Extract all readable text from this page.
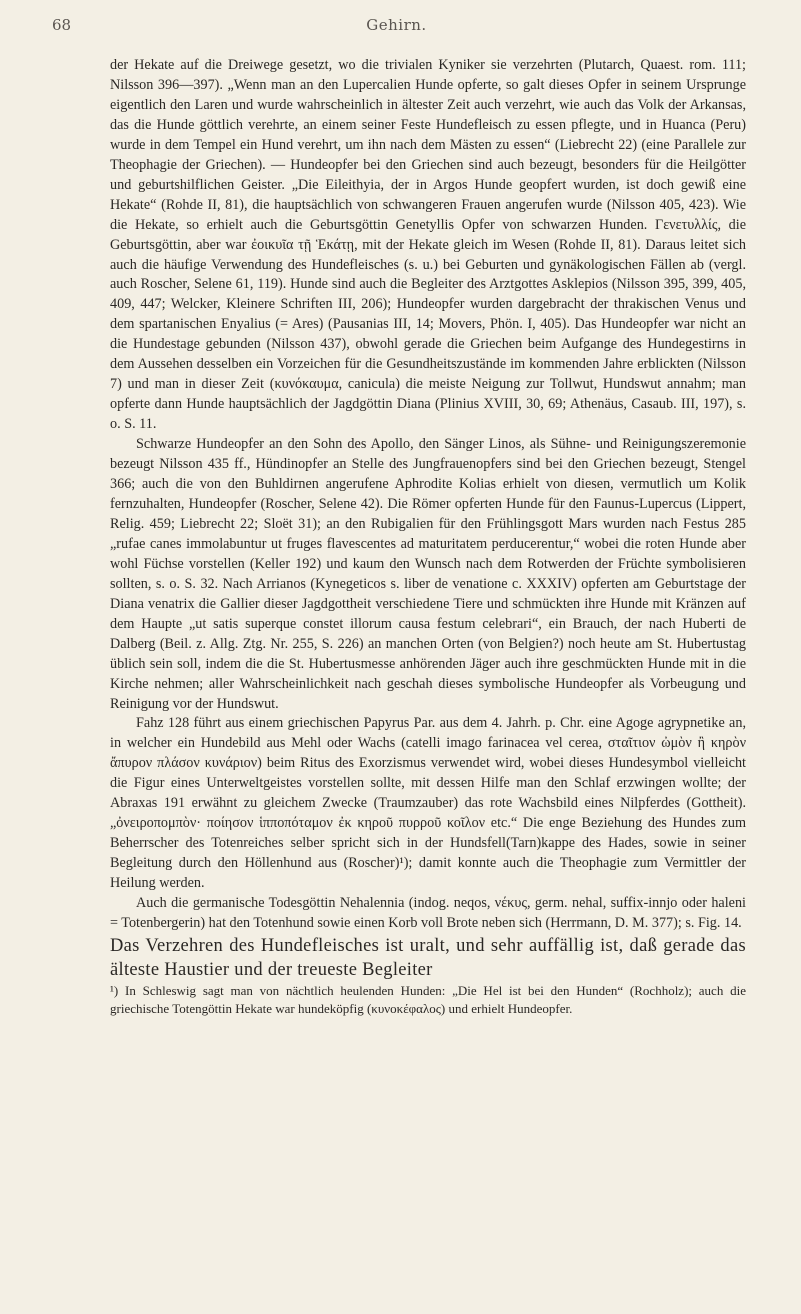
68	Gehirn.

der Hekate auf die Dreiwege gesetzt, wo die trivialen Kyniker sie verzehrten (Plutarch, Quaest. rom. 111; Nilsson 396—397). „Wenn man an den Lupercalien Hunde opferte, so galt dieses Opfer in seinem Ursprunge eigentlich den Laren und wurde wahrscheinlich in ältester Zeit auch verzehrt, wie auch das Volk der Arkansas, das die Hunde göttlich verehrte, an einem seiner Feste Hundefleisch zu essen pflegte, und in Huanca (Peru) wurde in dem Tempel ein Hund verehrt, um ihn nach dem Mästen zu essen“ (Liebrecht 22) (eine Parallele zur Theophagie der Griechen). — Hundeopfer bei den Griechen sind auch bezeugt, besonders für die Heilgötter und geburtshilflichen Geister. „Die Eileithyia, der in Argos Hunde geopfert wurden, ist doch gewiß eine Hekate“ (Rohde II, 81), die hauptsächlich von schwangeren Frauen angerufen wurde (Nilsson 405, 423). Wie die Hekate, so erhielt auch die Geburtsgöttin Genetyllis Opfer von schwarzen Hunden. Γενετυλλίς, die Geburtsgöttin, aber war ἐοικυῖα τῇ Ἑκάτῃ, mit der Hekate gleich im Wesen (Rohde II, 81). Daraus leitet sich auch die häufige Verwendung des Hundefleisches (s. u.) bei Geburten und gynäkologischen Fällen ab (vergl. auch Roscher, Selene 61, 119). Hunde sind auch die Begleiter des Arztgottes Asklepios (Nilsson 395, 399, 405, 409, 447; Welcker, Kleinere Schriften III, 206); Hundeopfer wurden dargebracht der thrakischen Venus und dem spartanischen Enyalius (= Ares) (Pausanias III, 14; Movers, Phön. I, 405). Das Hundeopfer war nicht an die Hundestage gebunden (Nilsson 437), obwohl gerade die Griechen beim Aufgange des Hundegestirns in dem Aussehen desselben ein Vorzeichen für die Gesundheitszustände im kommenden Jahre erblickten (Nilsson 7) und man in dieser Zeit (κυνόκαυμα, canicula) die meiste Neigung zur Tollwut, Hundswut annahm; man opferte dann Hunde hauptsächlich der Jagdgöttin Diana (Plinius XVIII, 30, 69; Athenäus, Casaub. III, 197), s. o. S. 11.

Schwarze Hundeopfer an den Sohn des Apollo, den Sänger Linos, als Sühne- und Reinigungszeremonie bezeugt Nilsson 435 ff., Hündinopfer an Stelle des Jungfrauenopfers sind bei den Griechen bezeugt, Stengel 366; auch die von den Buhldirnen angerufene Aphrodite Kolias erhielt von diesen, vermutlich um Kolik fernzuhalten, Hundeopfer (Roscher, Selene 42). Die Römer opferten Hunde für den Faunus-Lupercus (Lippert, Relig. 459; Liebrecht 22; Sloët 31); an den Rubigalien für den Frühlingsgott Mars wurden nach Festus 285 „rufae canes immolabuntur ut fruges flavescentes ad maturitatem perducerentur,“ wobei die roten Hunde aber wohl Füchse vorstellen (Keller 192) und kaum den Wunsch nach dem Rotwerden der Früchte symbolisieren sollten, s. o. S. 32. Nach Arrianos (Kynegeticos s. liber de venatione c. XXXIV) opferten am Geburtstage der Diana venatrix die Gallier dieser Jagdgottheit verschiedene Tiere und schmückten ihre Hunde mit Kränzen auf dem Haupte „ut satis superque constet illorum causa festum celebrari“, ein Brauch, der nach Huberti de Dalberg (Beil. z. Allg. Ztg. Nr. 255, S. 226) an manchen Orten (von Belgien?) noch heute am St. Hubertustag üblich sein soll, indem die die St. Hubertusmesse anhörenden Jäger auch ihre geschmückten Hunde mit in die Kirche nehmen; aller Wahrscheinlichkeit nach geschah dieses symbolische Hundeopfer als Vorbeugung und Reinigung vor der Hundswut.

Fahz 128 führt aus einem griechischen Papyrus Par. aus dem 4. Jahrh. p. Chr. eine Agoge agrypnetike an, in welcher ein Hundebild aus Mehl oder Wachs (catelli imago farinacea vel cerea, σταῖτιον ὠμὸν ἢ κηρὸν ἄπυρον πλάσον κυνάριον) beim Ritus des Exorzismus verwendet wird, wobei dieses Hundesymbol vielleicht die Figur eines Unterweltgeistes vorstellen sollte, mit dessen Hilfe man den Schlaf erzwingen wollte; der Abraxas 191 erwähnt zu gleichem Zwecke (Traumzauber) das rote Wachsbild eines Nilpferdes (Gottheit). „ὀνειροπομπὸν· ποίησον ἱπποπόταμον ἐκ κηροῦ πυρροῦ κοῖλον etc.“ Die enge Beziehung des Hundes zum Beherrscher des Totenreiches selber spricht sich in der Hundsfell(Tarn)kappe des Hades, sowie in seiner Begleitung durch den Höllenhund aus (Roscher)¹); damit konnte auch die Theophagie zum Vermittler der Heilung werden.

Auch die germanische Todesgöttin Nehalennia (indog. neqos, νέκυς, germ. nehal, suffix-innjo oder haleni = Totenbergerin) hat den Totenhund sowie einen Korb voll Brote neben sich (Herrmann, D. M. 377); s. Fig. 14.

Das Verzehren des Hundefleisches ist uralt, und sehr auffällig ist, daß gerade das älteste Haustier und der treueste Begleiter

¹) In Schleswig sagt man von nächtlich heulenden Hunden: „Die Hel ist bei den Hunden“ (Rochholz); auch die griechische Totengöttin Hekate war hundeköpfig (κυνοκέφαλος) und erhielt Hundeopfer.
